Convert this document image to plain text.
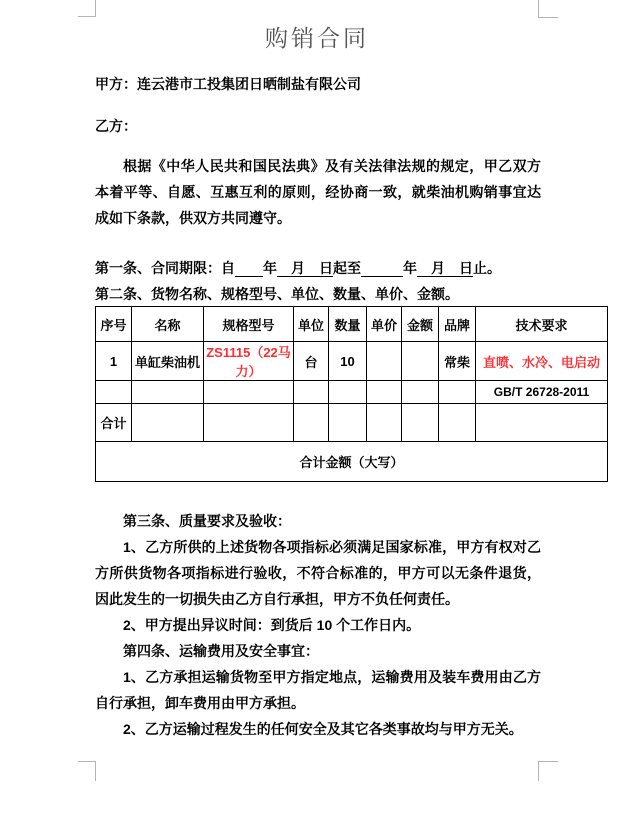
购销合同

甲方：连云港市工投集团日晒制盐有限公司

乙方：

根据《中华人民共和国民法典》及有关法律法规的规定，甲乙双方本着平等、自愿、互惠互利的原则，经协商一致，就柴油机购销事宜达成如下条款，供双方共同遵守。

第一条、合同期限：自　　 年　月　日起至　　　	年　月　日止。

第二条、货物名称、规格型号、单位、数量、单价、金额。

序号	名称	规格型号	单位	数量	单价	金额	品牌	技术要求
1	单缸柴油机	ZS1115（22马力）	台	10			常柴	直喷、水冷、电启动
								GB/T 26728-2011
合计								
合计金额（大写）								

第三条、质量要求及验收：

1、乙方所供的上述货物各项指标必须满足国家标准，甲方有权对乙方所供货物各项指标进行验收，不符合标准的，甲方可以无条件退货，因此发生的一切损失由乙方自行承担，甲方不负任何责任。

2、甲方提出异议时间：到货后 10 个工作日内。

第四条、运输费用及安全事宜：

1、乙方承担运输货物至甲方指定地点，运输费用及装车费用由乙方自行承担，卸车费用由甲方承担。

2、乙方运输过程发生的任何安全及其它各类事故均与甲方无关。
